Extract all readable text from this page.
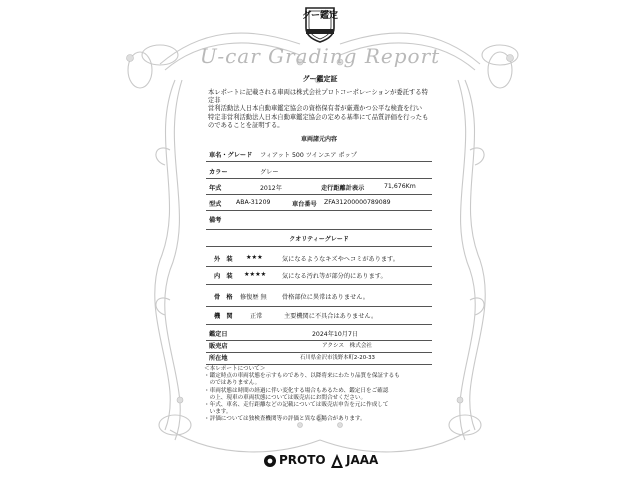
グー鑑定
U-car Grading Report
グー鑑定証
本レポートに記載される車両は株式会社プロトコーポレーションが委託する特定非
営利活動法人日本自動車鑑定協会の資格保有者が厳選かつ公平な検査を行い
特定非営利活動法人日本自動車鑑定協会の定める基準にて品質評価を行ったも
のであることを証明する。
車両諸元内容
車名・グレード フィアット 500 ツインエア ポップ
カラー	グレー
年式	2012年	走行距離計表示	71,676Km
型式 ABA-31209	車台番号 ZFA31200000789089
備考
クオリティーグレード
外　装 ★★★	気になるようなキズやヘコミがあります。
内　装 ★★★★	気になる汚れ等が部分的にあります。
骨　格 修復歴 無 骨格部位に異常はありません。
機　関	正常	主要機関に不具合はありません。
鑑定日	2024年10月7日
販売店	アクシス　株式会社
所在地	石川県金沢市浅野本町2-20-33
＜本レポートについて＞
・鑑定時点の車両状態を示すものであり、以降将来にわたり品質を保証するも
　のではありません。
・車両状態は時間の経過に伴い変化する場合もあるため、鑑定日をご確認
　の上、現車の車両状態については販売店にお問合せください。
・年式、車名、走行距離などの記載については販売店申告を元に作成して
　います。
・評価については独検査機関等の評価と異なる場合があります。
PROTO JAAA
